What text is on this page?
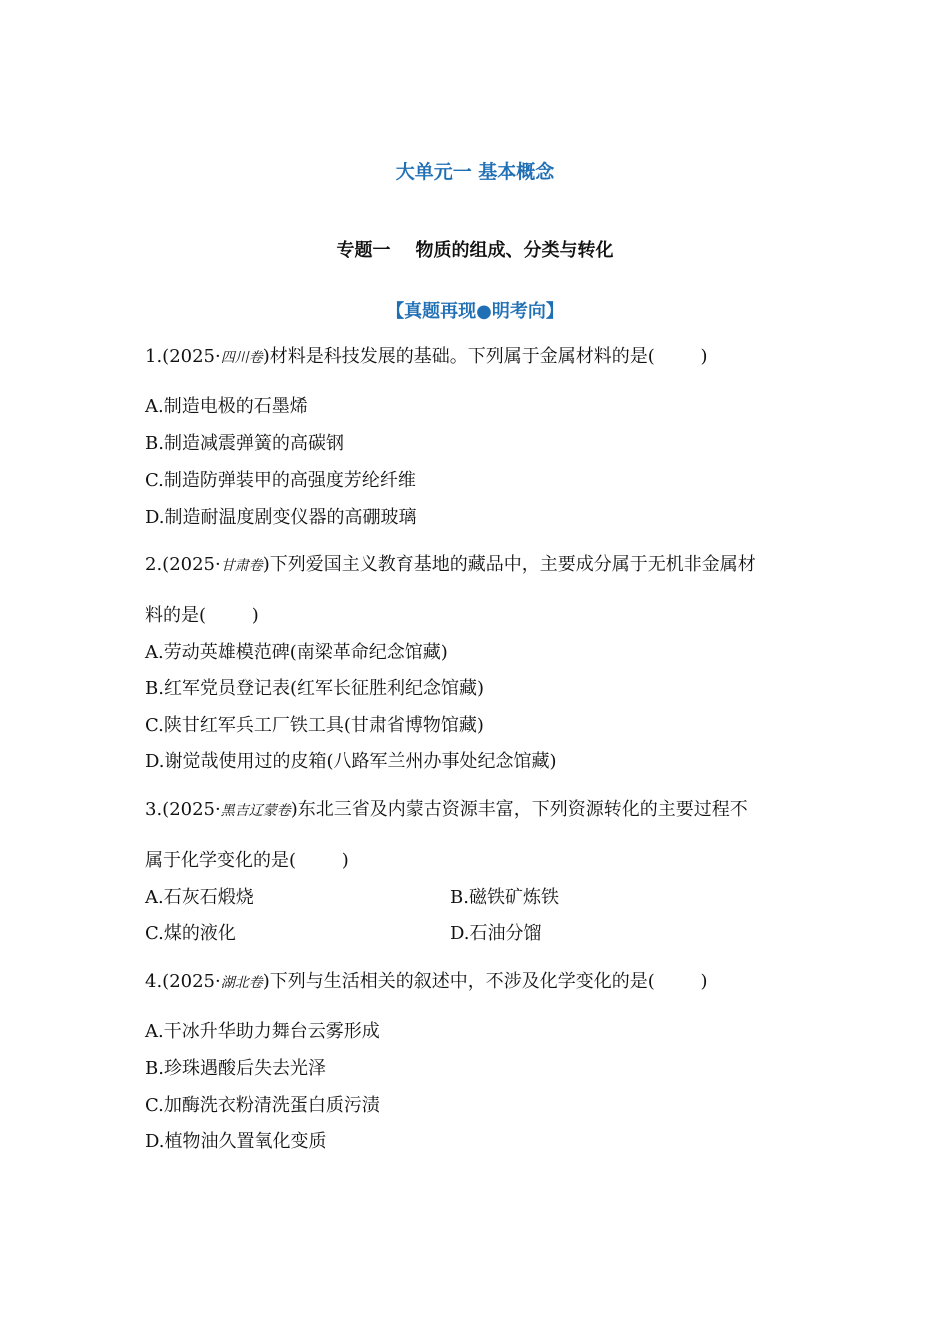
大单元一 基本概念
专题一    物质的组成、分类与转化
【真题再现●明考向】
1.(2025·四川卷)材料是科技发展的基础。下列属于金属材料的是(        )
A.制造电极的石墨烯
B.制造减震弹簧的高碳钢
C.制造防弹装甲的高强度芳纶纤维
D.制造耐温度剧变仪器的高硼玻璃
2.(2025·甘肃卷)下列爱国主义教育基地的藏品中，主要成分属于无机非金属材
料的是(        )
A.劳动英雄模范碑(南梁革命纪念馆藏)
B.红军党员登记表(红军长征胜利纪念馆藏)
C.陕甘红军兵工厂铁工具(甘肃省博物馆藏)
D.谢觉哉使用过的皮箱(八路军兰州办事处纪念馆藏)
3.(2025·黑吉辽蒙卷)东北三省及内蒙古资源丰富，下列资源转化的主要过程不
属于化学变化的是(        )
A.石灰石煅烧	B.磁铁矿炼铁
C.煤的液化	D.石油分馏
4.(2025·湖北卷)下列与生活相关的叙述中，不涉及化学变化的是(        )
A.干冰升华助力舞台云雾形成
B.珍珠遇酸后失去光泽
C.加酶洗衣粉清洗蛋白质污渍
D.植物油久置氧化变质
